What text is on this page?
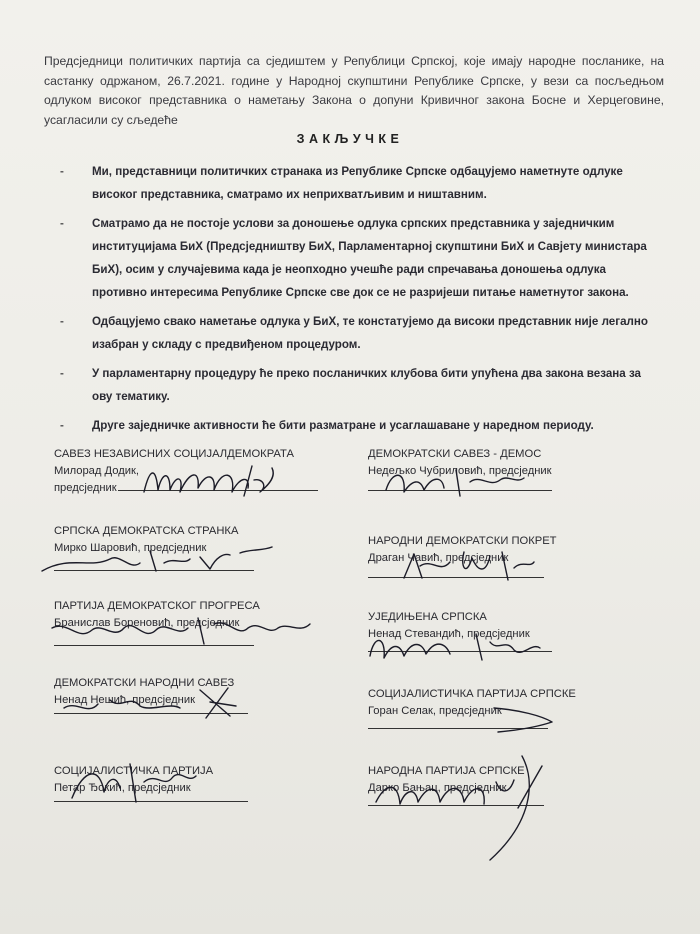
Предсједници политичких партија са сједиштем у Републици Српској, које имају народне посланике, на састанку одржаном, 26.7.2021. године у Народној скупштини Републике Српске, у вези са посљедњом одлуком високог представника о наметању Закона о допуни Кривичног закона Босне и Херцеговине, усагласили су сљедеће

ЗАКЉУЧКЕ
- Ми, представници политичких странака из Републике Српске одбацујемо наметнуте одлуке високог представника, сматрамо их неприхватљивим и ништавним.
- Сматрамо да не постоје услови за доношење одлука српских представника у заједничким институцијама БиХ (Предсједништву БиХ, Парламентарној скупштини БиХ и Савјету министара БиХ), осим у случајевима када је неопходно учешће ради спречавања доношења одлука противно интересима Републике Српске све док се не разријеши питање наметнутог закона.
- Одбацујемо свако наметање одлука у БиХ, те констатујемо да високи представник није легално изабран у складу с предвиђеном процедуром.
- У парламентарну процедуру ће преко посланичких клубова бити упућена два закона везана за ову тематику.
- Друге заједничке активности ће бити разматране и усаглашаване у наредном периоду.
САВЕЗ НЕЗАВИСНИХ СОЦИЈАЛДЕМОКРАТА
Милорад Додик,
предсједник
СРПСКА ДЕМОКРАТСКА СТРАНКА
Мирко Шаровић, предсједник
ПАРТИЈА ДЕМОКРАТСКОГ ПРОГРЕСА
Бранислав Бореновић, предсједник
ДЕМОКРАТСКИ НАРОДНИ САВЕЗ
Ненад Нешић, предсједник
СОЦИЈАЛИСТИЧКА ПАРТИЈА
Петар Ђокић, предсједник
ДЕМОКРАТСКИ САВЕЗ - ДЕМОС
Недељко Чубриловић, предсједник
НАРОДНИ ДЕМОКРАТСКИ ПОКРЕТ
Драган Чавић, предсједник
УЈЕДИЊЕНА СРПСКА
Ненад Стевандић, предсједник
СОЦИЈАЛИСТИЧКА ПАРТИЈА СРПСКЕ
Горан Селак, предсједник
НАРОДНА ПАРТИЈА СРПСКЕ
Дарко Бањац, предсједник
